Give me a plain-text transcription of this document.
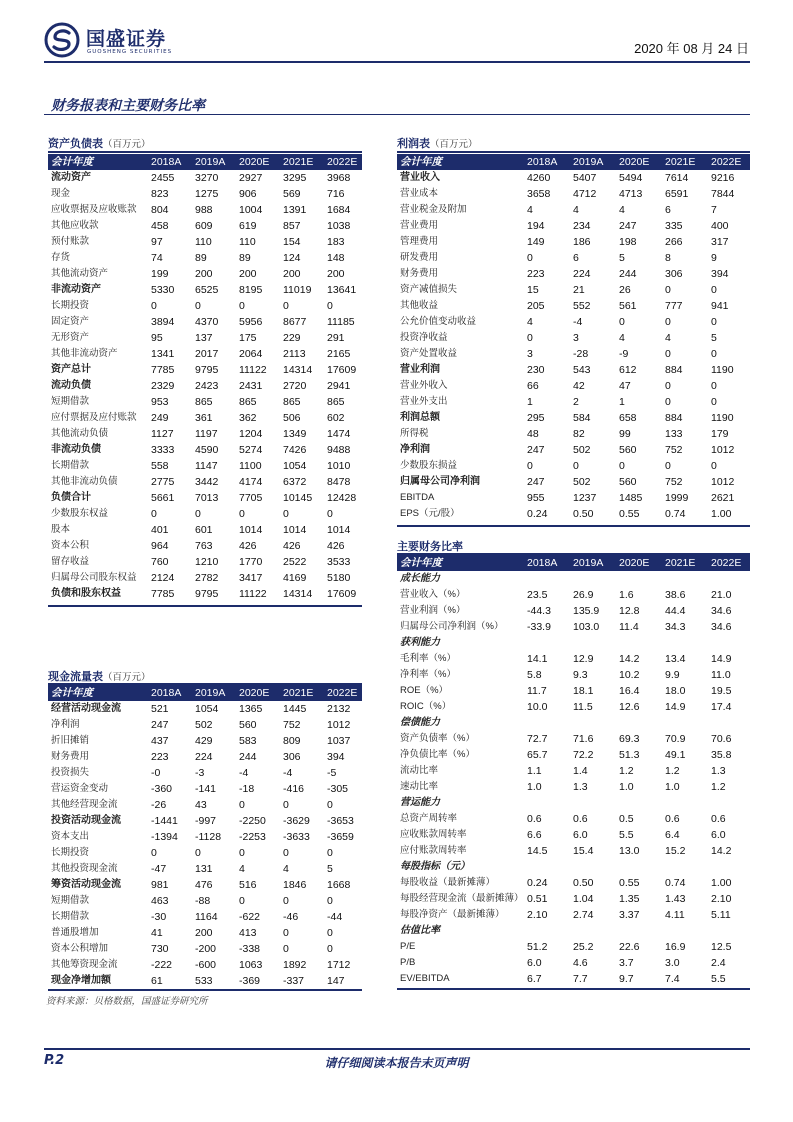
国盛证券
GUOSHENG SECURITIES	2020 年 08 月 24 日
财务报表和主要财务比率
资产负债表（百万元）
会计年度	2018A	2019A	2020E	2021E	2022E
流动资产	2455	3270	2927	3295	3968
现金	823	1275	906	569	716
应收票据及应收账款	804	988	1004	1391	1684
其他应收款	458	609	619	857	1038
预付账款	97	110	110	154	183
存货	74	89	89	124	148
其他流动资产	199	200	200	200	200
非流动资产	5330	6525	8195	11019	13641
长期投资	0	0	0	0	0
固定资产	3894	4370	5956	8677	11185
无形资产	95	137	175	229	291
其他非流动资产	1341	2017	2064	2113	2165
资产总计	7785	9795	11122	14314	17609
流动负债	2329	2423	2431	2720	2941
短期借款	953	865	865	865	865
应付票据及应付账款	249	361	362	506	602
其他流动负债	1127	1197	1204	1349	1474
非流动负债	3333	4590	5274	7426	9488
长期借款	558	1147	1100	1054	1010
其他非流动负债	2775	3442	4174	6372	8478
负债合计	5661	7013	7705	10145	12428
少数股东权益	0	0	0	0	0
股本	401	601	1014	1014	1014
资本公积	964	763	426	426	426
留存收益	760	1210	1770	2522	3533
归属母公司股东权益	2124	2782	3417	4169	5180
负债和股东权益	7785	9795	11122	14314	17609
利润表（百万元）
会计年度	2018A	2019A	2020E	2021E	2022E
营业收入	4260	5407	5494	7614	9216
营业成本	3658	4712	4713	6591	7844
营业税金及附加	4	4	4	6	7
营业费用	194	234	247	335	400
管理费用	149	186	198	266	317
研发费用	0	6	5	8	9
财务费用	223	224	244	306	394
资产减值损失	15	21	26	0	0
其他收益	205	552	561	777	941
公允价值变动收益	4	-4	0	0	0
投资净收益	0	3	4	4	5
资产处置收益	3	-28	-9	0	0
营业利润	230	543	612	884	1190
营业外收入	66	42	47	0	0
营业外支出	1	2	1	0	0
利润总额	295	584	658	884	1190
所得税	48	82	99	133	179
净利润	247	502	560	752	1012
少数股东损益	0	0	0	0	0
归属母公司净利润	247	502	560	752	1012
EBITDA	955	1237	1485	1999	2621
EPS（元/股）	0.24	0.50	0.55	0.74	1.00
主要财务比率
会计年度	2018A	2019A	2020E	2021E	2022E
成长能力					
营业收入（%）	23.5	26.9	1.6	38.6	21.0
营业利润（%）	-44.3	135.9	12.8	44.4	34.6
归属母公司净利润（%）	-33.9	103.0	11.4	34.3	34.6
获利能力					
毛利率（%）	14.1	12.9	14.2	13.4	14.9
净利率（%）	5.8	9.3	10.2	9.9	11.0
ROE（%）	11.7	18.1	16.4	18.0	19.5
ROIC（%）	10.0	11.5	12.6	14.9	17.4
偿债能力					
资产负债率（%）	72.7	71.6	69.3	70.9	70.6
净负债比率（%）	65.7	72.2	51.3	49.1	35.8
流动比率	1.1	1.4	1.2	1.2	1.3
速动比率	1.0	1.3	1.0	1.0	1.2
营运能力					
总资产周转率	0.6	0.6	0.5	0.6	0.6
应收账款周转率	6.6	6.0	5.5	6.4	6.0
应付账款周转率	14.5	15.4	13.0	15.2	14.2
每股指标（元）					
每股收益（最新摊薄）	0.24	0.50	0.55	0.74	1.00
每股经营现金流（最新摊薄）	0.51	1.04	1.35	1.43	2.10
每股净资产（最新摊薄）	2.10	2.74	3.37	4.11	5.11
估值比率					
P/E	51.2	25.2	22.6	16.9	12.5
P/B	6.0	4.6	3.7	3.0	2.4
EV/EBITDA	6.7	7.7	9.7	7.4	5.5
现金流量表（百万元）
会计年度	2018A	2019A	2020E	2021E	2022E
经营活动现金流	521	1054	1365	1445	2132
净利润	247	502	560	752	1012
折旧摊销	437	429	583	809	1037
财务费用	223	224	244	306	394
投资损失	-0	-3	-4	-4	-5
营运资金变动	-360	-141	-18	-416	-305
其他经营现金流	-26	43	0	0	0
投资活动现金流	-1441	-997	-2250	-3629	-3653
资本支出	-1394	-1128	-2253	-3633	-3659
长期投资	0	0	0	0	0
其他投资现金流	-47	131	4	4	5
筹资活动现金流	981	476	516	1846	1668
短期借款	463	-88	0	0	0
长期借款	-30	1164	-622	-46	-44
普通股增加	41	200	413	0	0
资本公积增加	730	-200	-338	0	0
其他筹资现金流	-222	-600	1063	1892	1712
现金净增加额	61	533	-369	-337	147
资料来源：贝格数据，国盛证券研究所
P.2	请仔细阅读本报告末页声明
